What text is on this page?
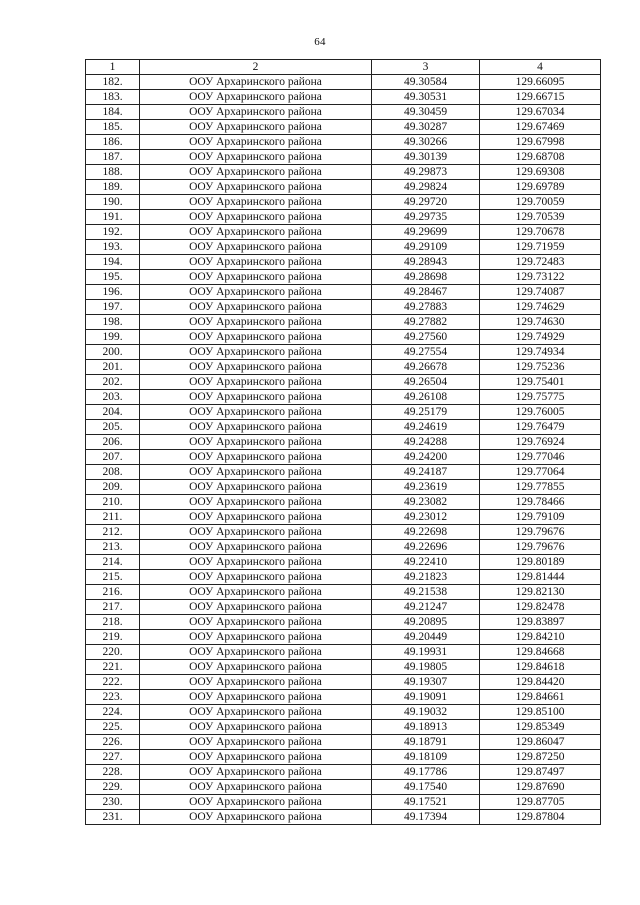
64
1	2	3	4
182.	ООУ Архаринского района	49.30584	129.66095
183.	ООУ Архаринского района	49.30531	129.66715
184.	ООУ Архаринского района	49.30459	129.67034
185.	ООУ Архаринского района	49.30287	129.67469
186.	ООУ Архаринского района	49.30266	129.67998
187.	ООУ Архаринского района	49.30139	129.68708
188.	ООУ Архаринского района	49.29873	129.69308
189.	ООУ Архаринского района	49.29824	129.69789
190.	ООУ Архаринского района	49.29720	129.70059
191.	ООУ Архаринского района	49.29735	129.70539
192.	ООУ Архаринского района	49.29699	129.70678
193.	ООУ Архаринского района	49.29109	129.71959
194.	ООУ Архаринского района	49.28943	129.72483
195.	ООУ Архаринского района	49.28698	129.73122
196.	ООУ Архаринского района	49.28467	129.74087
197.	ООУ Архаринского района	49.27883	129.74629
198.	ООУ Архаринского района	49.27882	129.74630
199.	ООУ Архаринского района	49.27560	129.74929
200.	ООУ Архаринского района	49.27554	129.74934
201.	ООУ Архаринского района	49.26678	129.75236
202.	ООУ Архаринского района	49.26504	129.75401
203.	ООУ Архаринского района	49.26108	129.75775
204.	ООУ Архаринского района	49.25179	129.76005
205.	ООУ Архаринского района	49.24619	129.76479
206.	ООУ Архаринского района	49.24288	129.76924
207.	ООУ Архаринского района	49.24200	129.77046
208.	ООУ Архаринского района	49.24187	129.77064
209.	ООУ Архаринского района	49.23619	129.77855
210.	ООУ Архаринского района	49.23082	129.78466
211.	ООУ Архаринского района	49.23012	129.79109
212.	ООУ Архаринского района	49.22698	129.79676
213.	ООУ Архаринского района	49.22696	129.79676
214.	ООУ Архаринского района	49.22410	129.80189
215.	ООУ Архаринского района	49.21823	129.81444
216.	ООУ Архаринского района	49.21538	129.82130
217.	ООУ Архаринского района	49.21247	129.82478
218.	ООУ Архаринского района	49.20895	129.83897
219.	ООУ Архаринского района	49.20449	129.84210
220.	ООУ Архаринского района	49.19931	129.84668
221.	ООУ Архаринского района	49.19805	129.84618
222.	ООУ Архаринского района	49.19307	129.84420
223.	ООУ Архаринского района	49.19091	129.84661
224.	ООУ Архаринского района	49.19032	129.85100
225.	ООУ Архаринского района	49.18913	129.85349
226.	ООУ Архаринского района	49.18791	129.86047
227.	ООУ Архаринского района	49.18109	129.87250
228.	ООУ Архаринского района	49.17786	129.87497
229.	ООУ Архаринского района	49.17540	129.87690
230.	ООУ Архаринского района	49.17521	129.87705
231.	ООУ Архаринского района	49.17394	129.87804
